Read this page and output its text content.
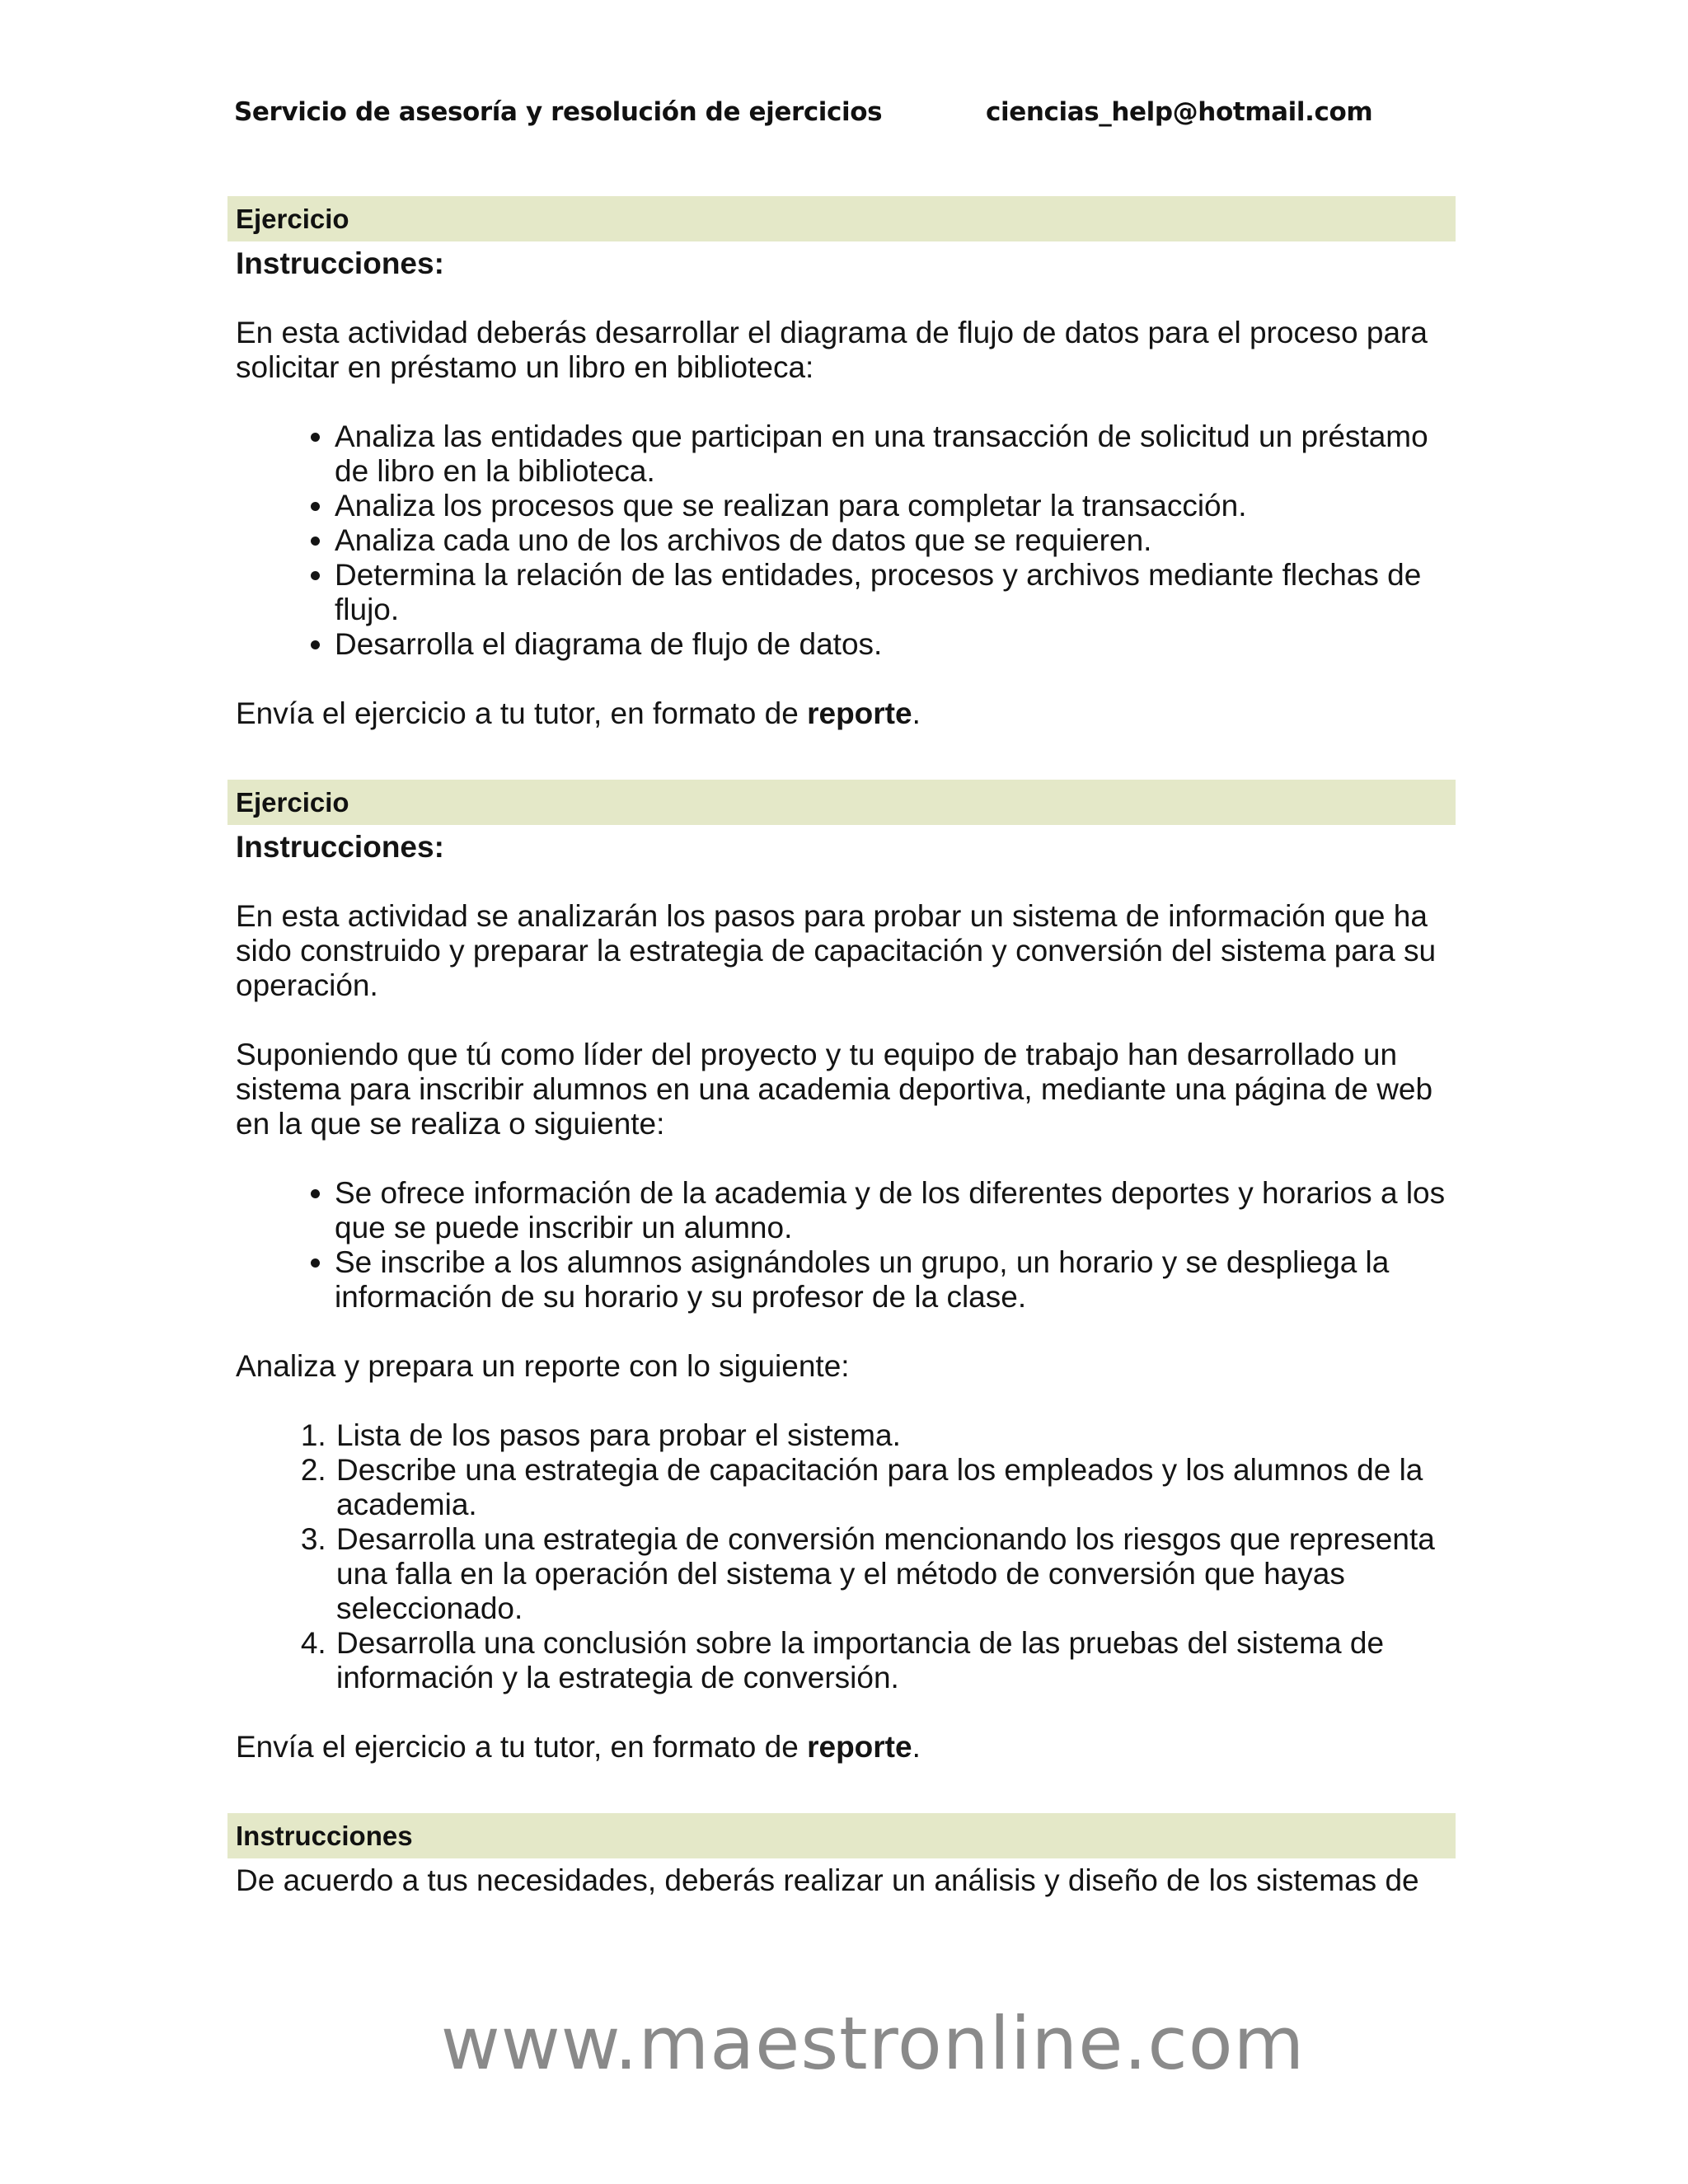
Servicio de asesoría y resolución de ejercicios	ciencias_help@hotmail.com
Ejercicio
Instrucciones:

En esta actividad deberás desarrollar el diagrama de flujo de datos para el proceso para solicitar en préstamo un libro en biblioteca:

• Analiza las entidades que participan en una transacción de solicitud un préstamo de libro en la biblioteca.
• Analiza los procesos que se realizan para completar la transacción.
• Analiza cada uno de los archivos de datos que se requieren.
• Determina la relación de las entidades, procesos y archivos mediante flechas de flujo.
• Desarrolla el diagrama de flujo de datos.

Envía el ejercicio a tu tutor, en formato de reporte.

Ejercicio
Instrucciones:

En esta actividad se analizarán los pasos para probar un sistema de información que ha sido construido y preparar la estrategia de capacitación y conversión del sistema para su operación.

Suponiendo que tú como líder del proyecto y tu equipo de trabajo han desarrollado un sistema para inscribir alumnos en una academia deportiva, mediante una página de web en la que se realiza o siguiente:

• Se ofrece información de la academia y de los diferentes deportes y horarios a los que se puede inscribir un alumno.
• Se inscribe a los alumnos asignándoles un grupo, un horario y se despliega la información de su horario y su profesor de la clase.

Analiza y prepara un reporte con lo siguiente:

1. Lista de los pasos para probar el sistema.
2. Describe una estrategia de capacitación para los empleados y los alumnos de la academia.
3. Desarrolla una estrategia de conversión mencionando los riesgos que representa una falla en la operación del sistema y el método de conversión que hayas seleccionado.
4. Desarrolla una conclusión sobre la importancia de las pruebas del sistema de información y la estrategia de conversión.

Envía el ejercicio a tu tutor, en formato de reporte.

Instrucciones

De acuerdo a tus necesidades, deberás realizar un análisis y diseño de los sistemas de

www.maestronline.com
